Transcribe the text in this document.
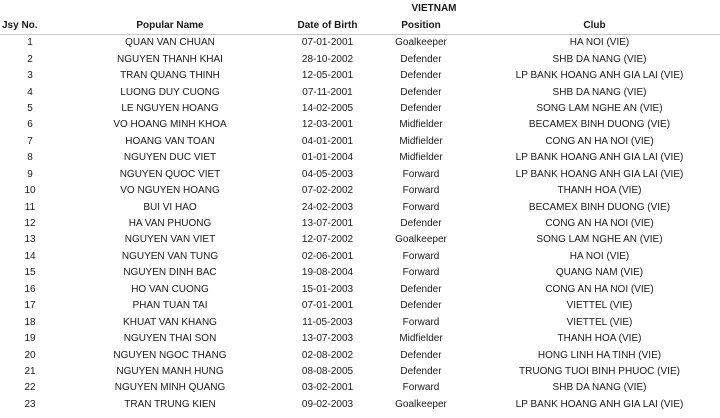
VIETNAM
Jsy No.	Popular Name	Date of Birth	Position	Club
1	QUAN VAN CHUAN	07-01-2001	Goalkeeper	HA NOI (VIE)
2	NGUYEN THANH KHAI	28-10-2002	Defender	SHB DA NANG (VIE)
3	TRAN QUANG THINH	12-05-2001	Defender	LP BANK HOANG ANH GIA LAI (VIE)
4	LUONG DUY CUONG	07-11-2001	Defender	SHB DA NANG (VIE)
5	LE NGUYEN HOANG	14-02-2005	Defender	SONG LAM NGHE AN (VIE)
6	VO HOANG MINH KHOA	12-03-2001	Midfielder	BECAMEX BINH DUONG (VIE)
7	HOANG VAN TOAN	04-01-2001	Midfielder	CONG AN HA NOI (VIE)
8	NGUYEN DUC VIET	01-01-2004	Midfielder	LP BANK HOANG ANH GIA LAI (VIE)
9	NGUYEN QUOC VIET	04-05-2003	Forward	LP BANK HOANG ANH GIA LAI (VIE)
10	VO NGUYEN HOANG	07-02-2002	Forward	THANH HOA (VIE)
11	BUI VI HAO	24-02-2003	Forward	BECAMEX BINH DUONG (VIE)
12	HA VAN PHUONG	13-07-2001	Defender	CONG AN HA NOI (VIE)
13	NGUYEN VAN VIET	12-07-2002	Goalkeeper	SONG LAM NGHE AN (VIE)
14	NGUYEN VAN TUNG	02-06-2001	Forward	HA NOI (VIE)
15	NGUYEN DINH BAC	19-08-2004	Forward	QUANG NAM (VIE)
16	HO VAN CUONG	15-01-2003	Defender	CONG AN HA NOI (VIE)
17	PHAN TUAN TAI	07-01-2001	Defender	VIETTEL (VIE)
18	KHUAT VAN KHANG	11-05-2003	Forward	VIETTEL (VIE)
19	NGUYEN THAI SON	13-07-2003	Midfielder	THANH HOA (VIE)
20	NGUYEN NGOC THANG	02-08-2002	Defender	HONG LINH HA TINH (VIE)
21	NGUYEN MANH HUNG	08-08-2005	Defender	TRUONG TUOI BINH PHUOC (VIE)
22	NGUYEN MINH QUANG	03-02-2001	Forward	SHB DA NANG (VIE)
23	TRAN TRUNG KIEN	09-02-2003	Goalkeeper	LP BANK HOANG ANH GIA LAI (VIE)
